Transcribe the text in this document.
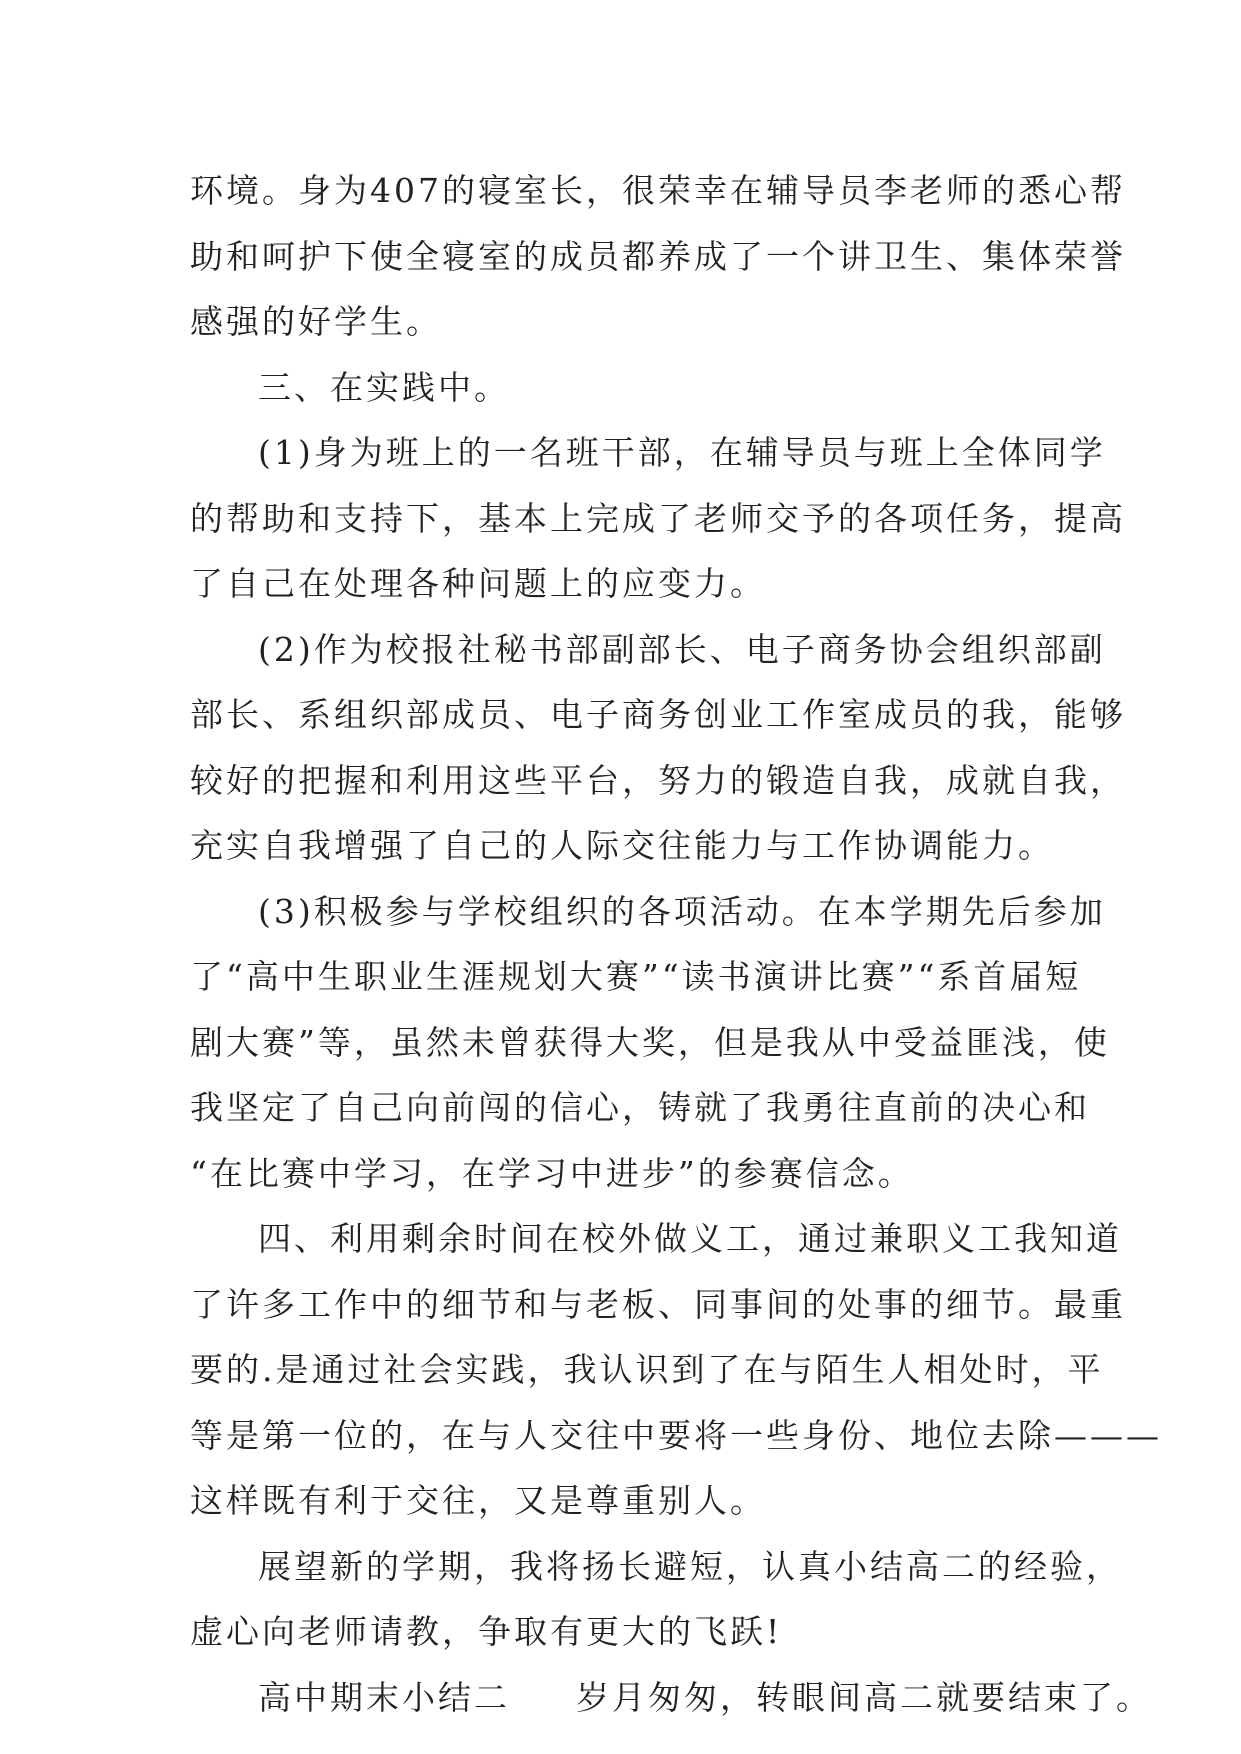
环境。身为407的寝室长，很荣幸在辅导员李老师的悉心帮
助和呵护下使全寝室的成员都养成了一个讲卫生、集体荣誉
感强的好学生。
三、在实践中。
(1)身为班上的一名班干部，在辅导员与班上全体同学
的帮助和支持下，基本上完成了老师交予的各项任务，提高
了自己在处理各种问题上的应变力。
(2)作为校报社秘书部副部长、电子商务协会组织部副
部长、系组织部成员、电子商务创业工作室成员的我，能够
较好的把握和利用这些平台，努力的锻造自我，成就自我，
充实自我增强了自己的人际交往能力与工作协调能力。
(3)积极参与学校组织的各项活动。在本学期先后参加
了“高中生职业生涯规划大赛”“读书演讲比赛”“系首届短
剧大赛”等，虽然未曾获得大奖，但是我从中受益匪浅，使
我坚定了自己向前闯的信心，铸就了我勇往直前的决心和
“在比赛中学习，在学习中进步”的参赛信念。
四、利用剩余时间在校外做义工，通过兼职义工我知道
了许多工作中的细节和与老板、同事间的处事的细节。最重
要的.是通过社会实践，我认识到了在与陌生人相处时，平
等是第一位的，在与人交往中要将一些身份、地位去除———
这样既有利于交往，又是尊重别人。
展望新的学期，我将扬长避短，认真小结高二的经验，
虚心向老师请教，争取有更大的飞跃!
高中期末小结二 岁月匆匆，转眼间高二就要结束了。
